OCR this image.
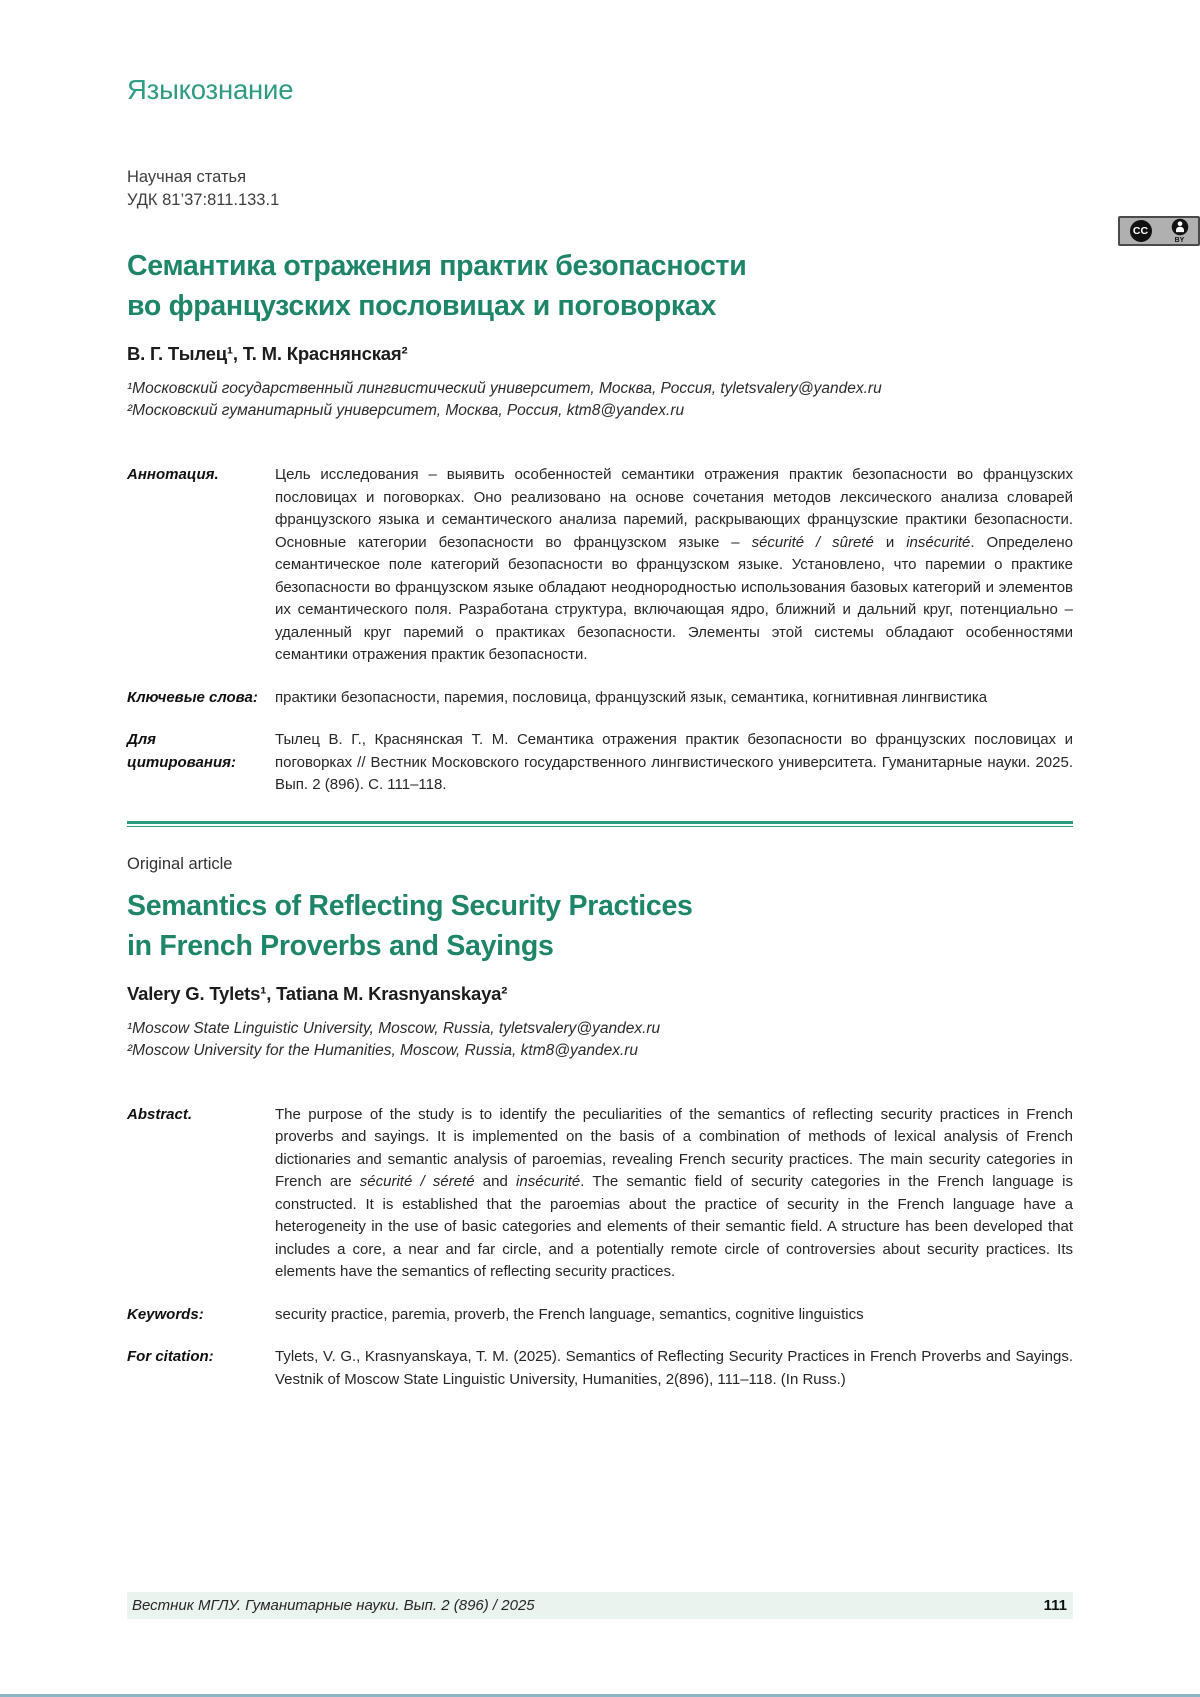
CC
BY
Языкознание
Научная статья
УДК 81’37:811.133.1
Семантика отражения практик безопасности
во французских пословицах и поговорках
В. Г. Тылец¹, Т. М. Краснянская²
¹Московский государственный лингвистический университет, Москва, Россия, tyletsvalery@yandex.ru
²Московский гуманитарный университет, Москва, Россия, ktm8@yandex.ru
Аннотация.	Цель исследования – выявить особенностей семантики отражения практик безопасности во французских пословицах и поговорках. Оно реализовано на основе сочетания методов лексического анализа словарей французского языка и семантического анализа паремий, раскрывающих французские практики безопасности. Основные категории безопасности во французском языке – sécurité / sûreté и insécurité. Определено семантическое поле категорий безопасности во французском языке. Установлено, что паремии о практике безопасности во французском языке обладают неоднородностью использования базовых категорий и элементов их семантического поля. Разработана структура, включающая ядро, ближний и дальний круг, потенциально – удаленный круг паремий о практиках безопасности. Элементы этой системы обладают особенностями семантики отражения практик безопасности.

Ключевые слова:	практики безопасности, паремия, пословица, французский язык, семантика, когнитивная лингвистика

Для цитирования:

Тылец В. Г., Краснянская Т. М. Семантика отражения практик безопасности во французских пословицах и поговорках // Вестник Московского государственного лингвистического университета. Гуманитарные науки. 2025. Вып. 2 (896). С. 111–118.

Original article
Semantics of Reflecting Security Practices
in French Proverbs and Sayings
Valery G. Tylets¹, Tatiana M. Krasnyanskaya²
¹Moscow State Linguistic University, Moscow, Russia, tyletsvalery@yandex.ru
²Moscow University for the Humanities, Moscow, Russia, ktm8@yandex.ru
Abstract.	The purpose of the study is to identify the peculiarities of the semantics of reflecting security practices in French proverbs and sayings. It is implemented on the basis of a combination of methods of lexical analysis of French dictionaries and semantic analysis of paroemias, revealing French security practices. The main security categories in French are sécurité / séreté and insécurité. The semantic field of security categories in the French language is constructed. It is established that the paroemias about the practice of security in the French language have a heterogeneity in the use of basic categories and elements of their semantic field. A structure has been developed that includes a core, a near and far circle, and a potentially remote circle of controversies about security practices. Its elements have the semantics of reflecting security practices.

Keywords:	security practice, paremia, proverb, the French language, semantics, cognitive linguistics

For citation:	Tylets, V. G., Krasnyanskaya, T. M. (2025). Semantics of Reflecting Security Practices in French Proverbs and Sayings. Vestnik of Moscow State Linguistic University, Humanities, 2(896), 111–118. (In Russ.)

Вестник МГЛУ. Гуманитарные науки. Вып. 2 (896) / 2025	111
